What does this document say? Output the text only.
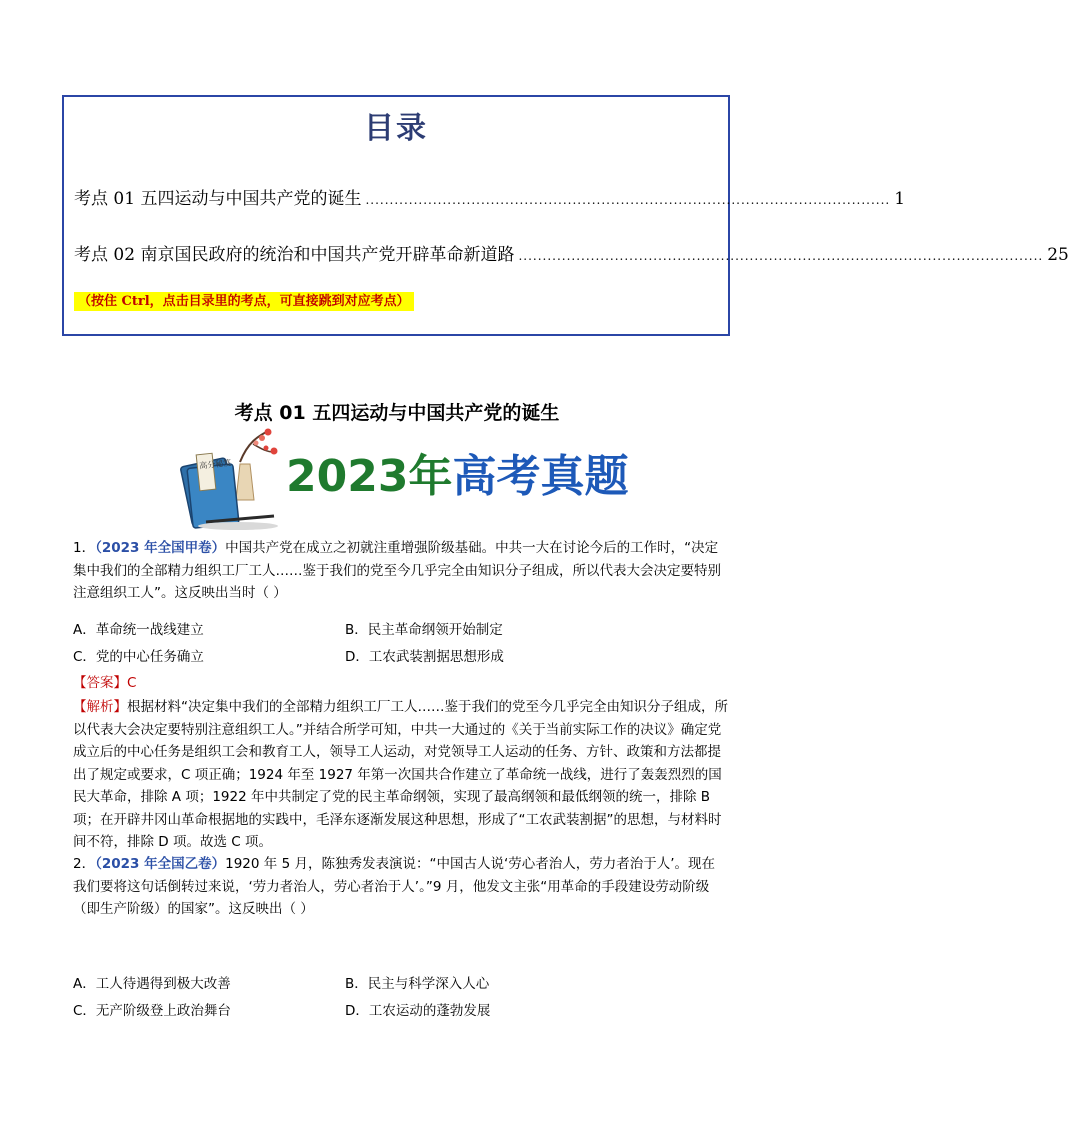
目录
考点 01 五四运动与中国共产党的诞生 ............................................................................................................. 1
考点 02 南京国民政府的统治和中国共产党开辟革命新道路 ............................................................................................................. 25
（按住 Ctrl，点击目录里的考点，可直接跳到对应考点）
考点 01 五四运动与中国共产党的诞生
高分秘笈 2023年高考真题
1．（2023 年全国甲卷）中国共产党在成立之初就注重增强阶级基础。中共一大在讨论今后的工作时，“决定集中我们的全部精力组织工厂工人……鉴于我们的党至今几乎完全由知识分子组成，所以代表大会决定要特别注意组织工人”。这反映出当时（ ）
A．革命统一战线建立	B．民主革命纲领开始制定
C．党的中心任务确立	D．工农武装割据思想形成
【答案】C
【解析】根据材料“决定集中我们的全部精力组织工厂工人……鉴于我们的党至今几乎完全由知识分子组成，所以代表大会决定要特别注意组织工人。”并结合所学可知，中共一大通过的《关于当前实际工作的决议》确定党成立后的中心任务是组织工会和教育工人，领导工人运动，对党领导工人运动的任务、方针、政策和方法都提出了规定或要求，C 项正确；1924 年至 1927 年第一次国共合作建立了革命统一战线，进行了轰轰烈烈的国民大革命，排除 A 项；1922 年中共制定了党的民主革命纲领，实现了最高纲领和最低纲领的统一，排除 B 项；在开辟井冈山革命根据地的实践中，毛泽东逐渐发展这种思想，形成了“工农武装割据”的思想，与材料时间不符，排除 D 项。故选 C 项。
2．（2023 年全国乙卷）1920 年 5 月，陈独秀发表演说：“中国古人说‘劳心者治人，劳力者治于人’。现在我们要将这句话倒转过来说，‘劳力者治人，劳心者治于人’。”9 月，他发文主张“用革命的手段建设劳动阶级（即生产阶级）的国家”。这反映出（ ）
A．工人待遇得到极大改善	B．民主与科学深入人心
C．无产阶级登上政治舞台	D．工农运动的蓬勃发展
